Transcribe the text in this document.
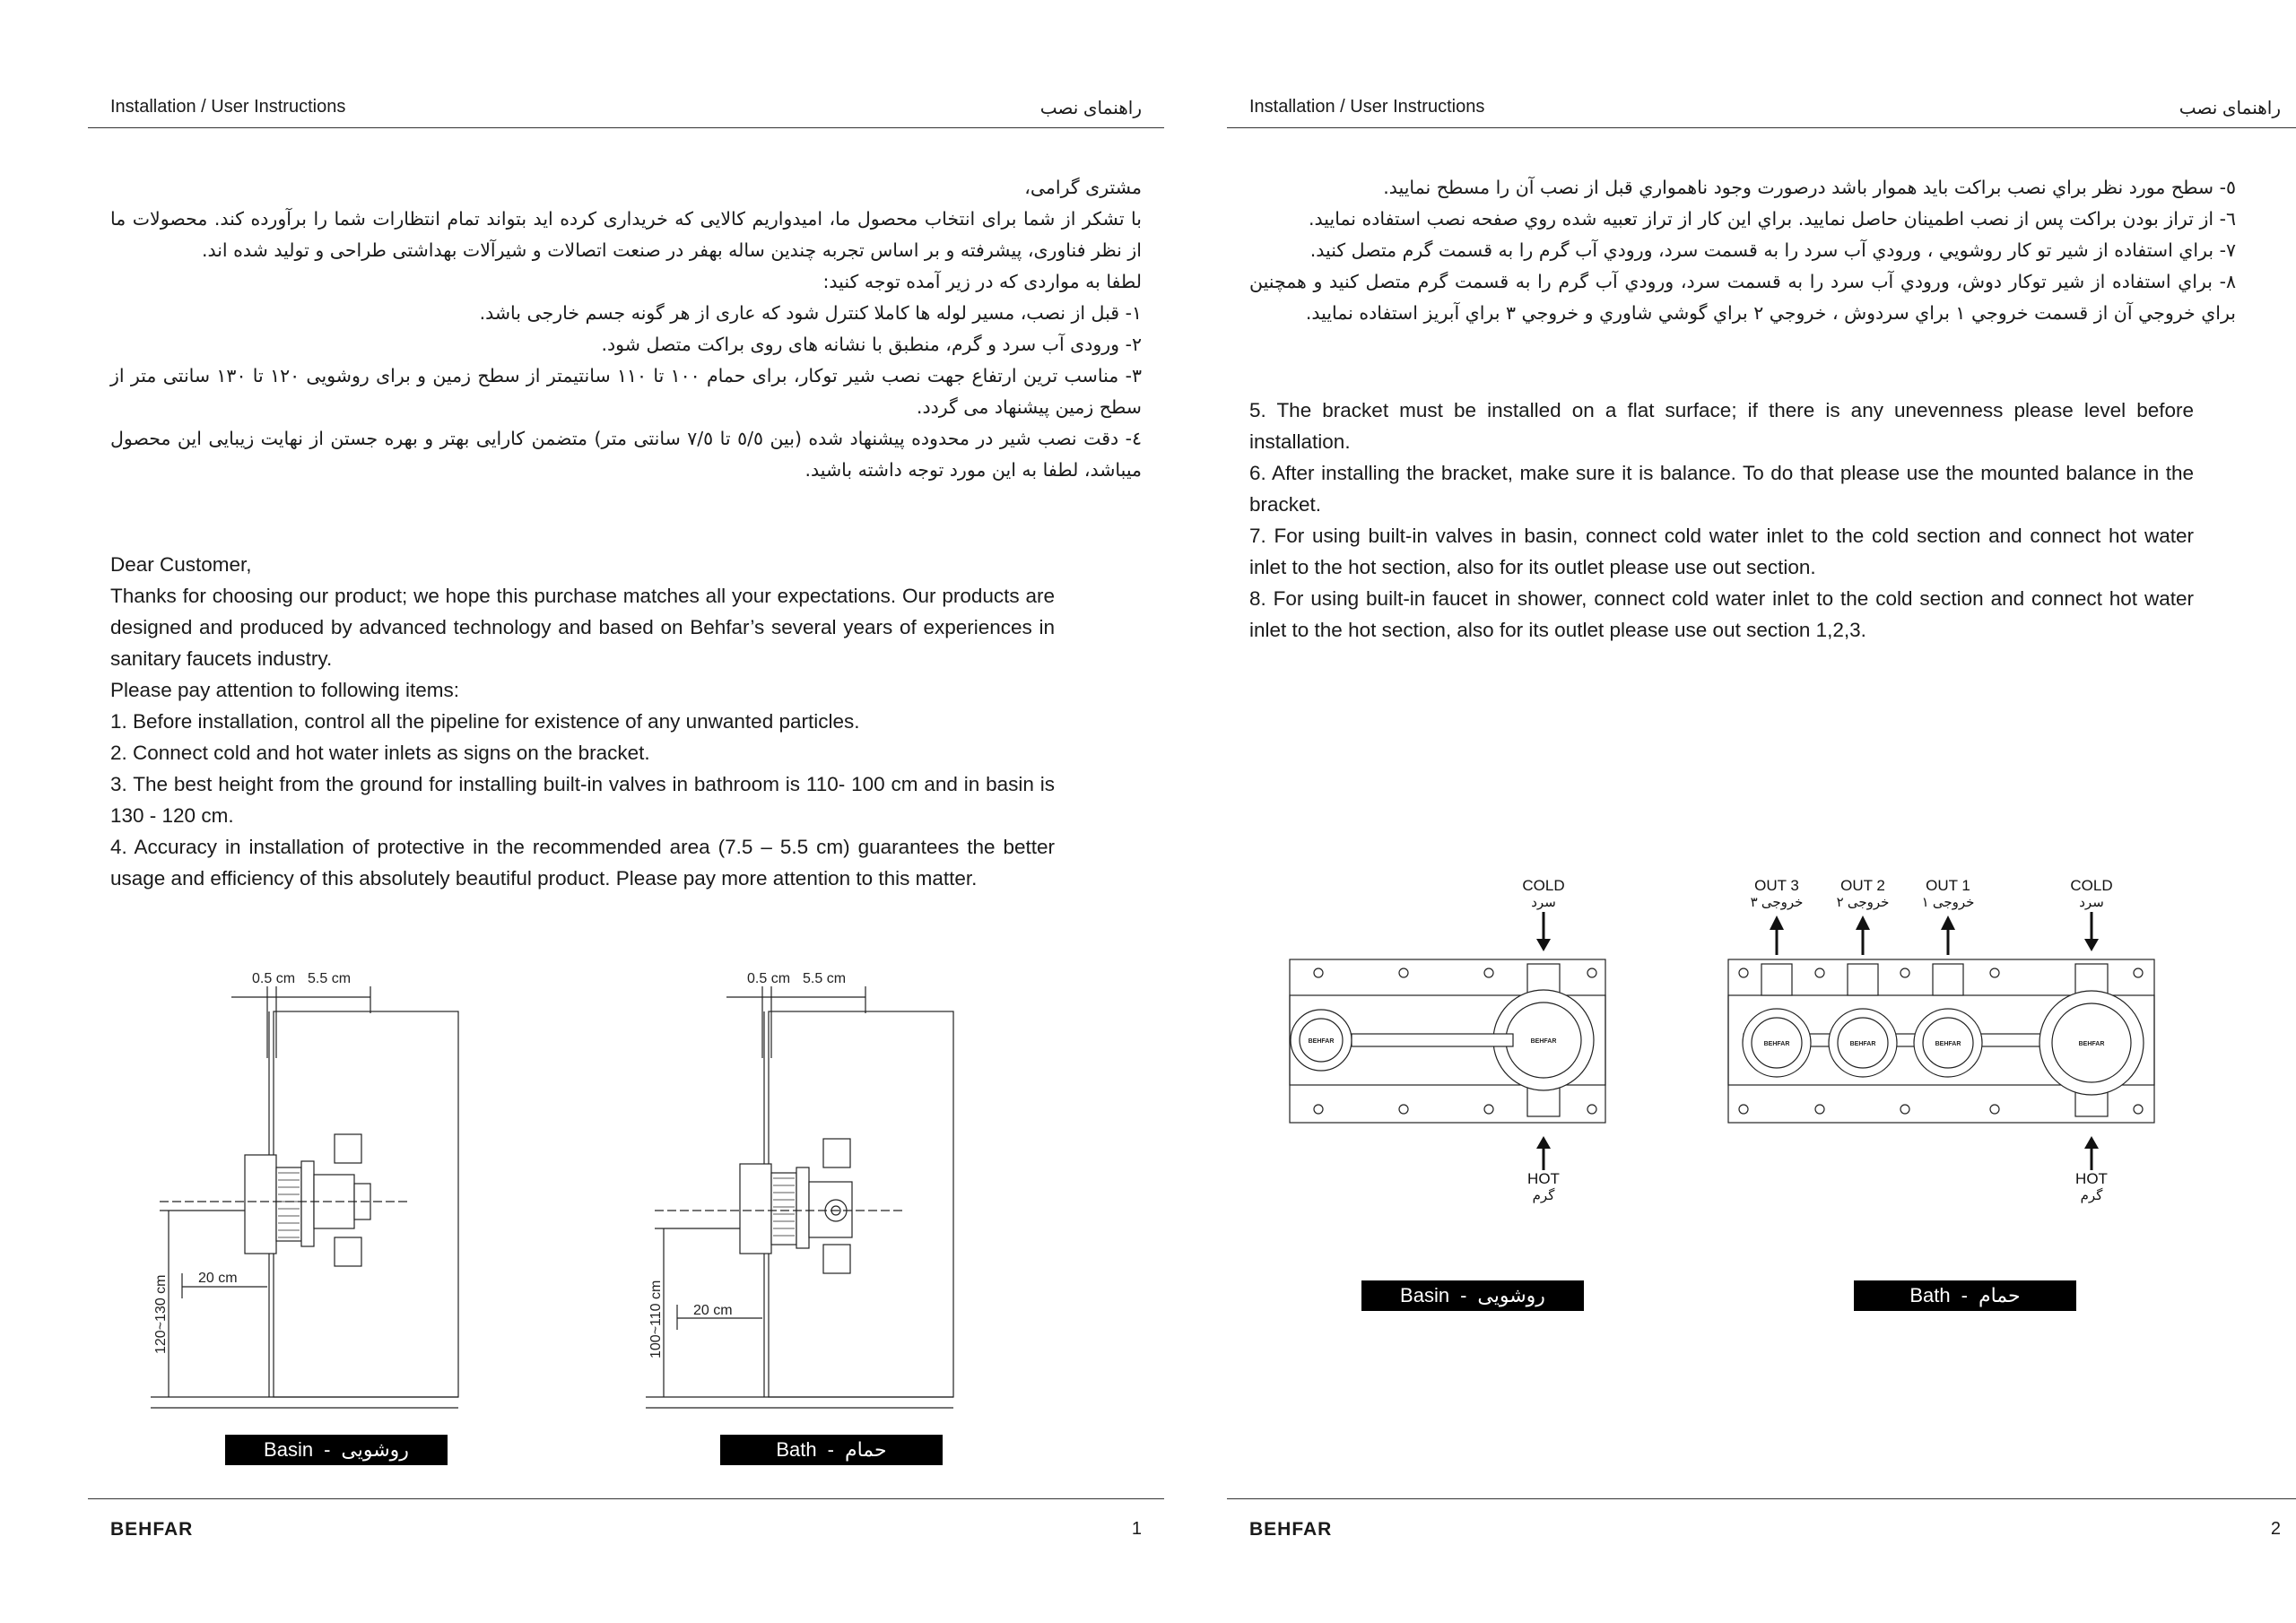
Installation / User Instructions	راهنمای نصب

مشتری گرامی،

با تشکر از شما برای انتخاب محصول ما، امیدواریم کالایی که خریداری کرده اید بتواند تمام انتظارات شما را برآورده کند. محصولات ما از نظر فناوری، پیشرفته و بر اساس تجربه چندین ساله بهفر در صنعت اتصالات و شیرآلات بهداشتی طراحی و تولید شده اند.

لطفا به مواردی که در زیر آمده توجه کنید:

۱- قبل از نصب، مسیر لوله ها کاملا کنترل شود که عاری از هر گونه جسم خارجی باشد.

۲- ورودی آب سرد و گرم، منطبق با نشانه های روی براکت متصل شود.

۳- مناسب ترین ارتفاع جهت نصب شیر توکار، برای حمام ۱۰۰ تا ۱۱۰ سانتیمتر از سطح زمین و برای روشویی ۱۲۰ تا ۱۳۰ سانتی متر از سطح زمین پیشنهاد می گردد.

٤- دقت نصب شیر در محدوده پیشنهاد شده (بین ٥/٥ تا ۷/٥ سانتی متر) متضمن کارایی بهتر و بهره جستن از نهایت زیبایی این محصول میباشد، لطفا به این مورد توجه داشته باشید.

Dear Customer,

Thanks for choosing our product; we hope this purchase matches all your expectations. Our products are designed and produced by advanced technology and based on Behfar’s several years of experiences in sanitary faucets industry.

Please pay attention to following items:

1. Before installation, control all the pipeline for existence of any unwanted particles.

2. Connect cold and hot water inlets as signs on the bracket.

3. The best height from the ground for installing built-in valves in bathroom is 110- 100 cm and in basin is 130 - 120 cm.

4. Accuracy in installation of protective in the recommended area (7.5 – 5.5 cm) guarantees the better usage and efficiency of this absolutely beautiful product. Please pay more attention to this matter.

0.5 cm 5.5 cm
20 cm
120~130 cm
Basin - روشویی
0.5 cm 5.5 cm
20 cm
100~110 cm
Bath - حمام
BEHFAR	1
Installation / User Instructions	راهنمای نصب

٥- سطح مورد نظر براي نصب براكت بايد هموار باشد درصورت وجود ناهمواري قبل از نصب آن را مسطح نماييد.

٦- از تراز بودن براكت پس از نصب اطمينان حاصل نماييد. براي اين كار از تراز تعبيه شده روي صفحه نصب استفاده نماييد.

۷- براي استفاده از شير تو كار روشويي ، ورودي آب سرد را به قسمت سرد، ورودي آب گرم را به قسمت گرم متصل كنيد.

۸- براي استفاده از شير توكار دوش، ورودي آب سرد را به قسمت سرد، ورودي آب گرم را به قسمت گرم متصل كنيد و همچنين براي خروجي آن از قسمت خروجي ۱ براي سردوش ، خروجي ۲ براي گوشي شاوري و خروجي ۳ براي آبريز استفاده نماييد.

5. The bracket must be installed on a flat surface; if there is any unevenness please level before installation.

6. After installing the bracket, make sure it is balance. To do that please use the mounted balance in the bracket.

7. For using built-in valves in basin, connect cold water inlet to the cold section and connect hot water inlet to the hot section, also for its outlet please use out section.

8. For using built-in faucet in shower, connect cold water inlet to the cold section and connect hot water inlet to the hot section, also for its outlet please use out section 1,2,3.

COLD
سرد
HOT
گرم
BEHFAR
BEHFAR
Basin - روشویی
OUT 3
خروجی ۳
OUT 2
خروجی ۲
OUT 1
خروجی ۱
COLD
سرد
HOT
گرم
BEHFAR	BEHFAR	BEHFAR	BEHFAR
Bath - حمام
BEHFAR	2
